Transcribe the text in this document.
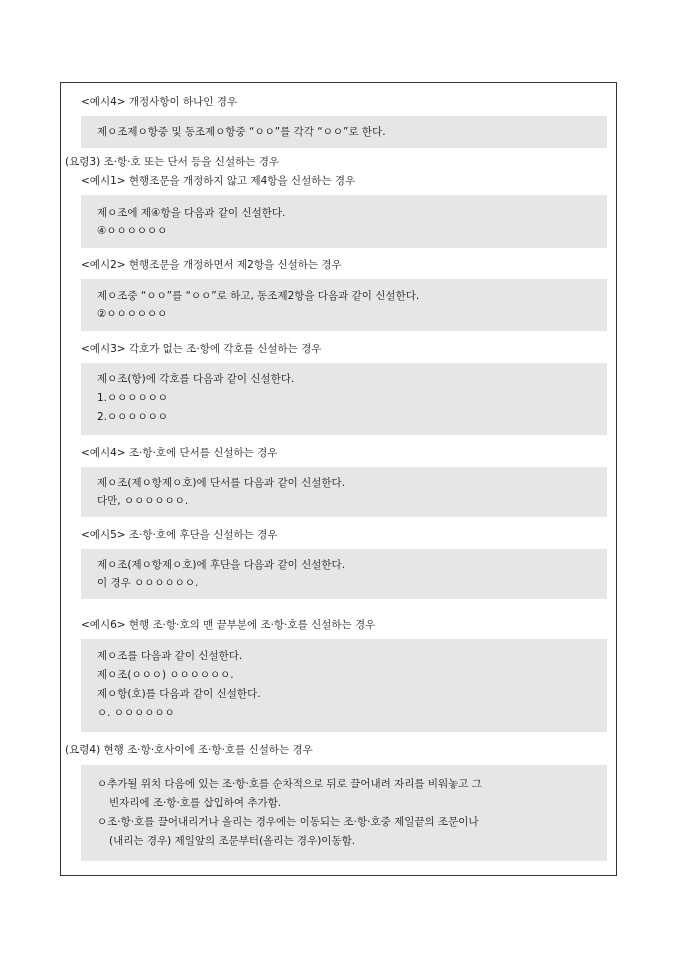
<예시4> 개정사항이 하나인 경우
제ㅇ조제ㅇ항중 및 동조제ㅇ항중 “ㅇㅇ”를 각각 “ㅇㅇ”로 한다.
(요령3) 조·항·호 또는 단서 등을 신설하는 경우
<예시1> 현행조문을 개정하지 않고 제4항을 신설하는 경우
제ㅇ조에 제④항을 다음과 같이 신설한다.
④ㅇㅇㅇㅇㅇㅇ
<예시2> 현행조문을 개정하면서 제2항을 신설하는 경우
제ㅇ조중 “ㅇㅇ”를 “ㅇㅇ”로 하고, 동조제2항을 다음과 같이 신설한다.
②ㅇㅇㅇㅇㅇㅇ
<예시3> 각호가 없는 조·항에 각호를 신설하는 경우
제ㅇ조(항)에 각호를 다음과 같이 신설한다.
1.ㅇㅇㅇㅇㅇㅇ
2.ㅇㅇㅇㅇㅇㅇ
<예시4> 조·항·호에 단서를 신설하는 경우
제ㅇ조(제ㅇ항제ㅇ호)에 단서를 다음과 같이 신설한다.
다만, ㅇㅇㅇㅇㅇㅇ.
<예시5> 조·항·호에 후단을 신설하는 경우
제ㅇ조(제ㅇ항제ㅇ호)에 후단을 다음과 같이 신설한다.
이 경우 ㅇㅇㅇㅇㅇㅇ.
<예시6> 현행 조·항·호의 맨 끝부분에 조·항·호를 신설하는 경우
제ㅇ조를 다음과 같이 신설한다.
제ㅇ조(ㅇㅇㅇ) ㅇㅇㅇㅇㅇㅇ.
제ㅇ항(호)를 다음과 같이 신설한다.
ㅇ. ㅇㅇㅇㅇㅇㅇ
(요령4) 현행 조·항·호사이에 조·항·호를 신설하는 경우
ㅇ추가될 위치 다음에 있는 조·항·호를 순차적으로 뒤로 끌어내려 자리를 비워놓고 그
빈자리에 조·항·호를 삽입하여 추가함.
ㅇ조·항·호를 끌어내리거나 올리는 경우에는 이동되는 조·항·호중 제일끝의 조문이나
(내리는 경우) 제일앞의 조문부터(올리는 경우)이동함.
